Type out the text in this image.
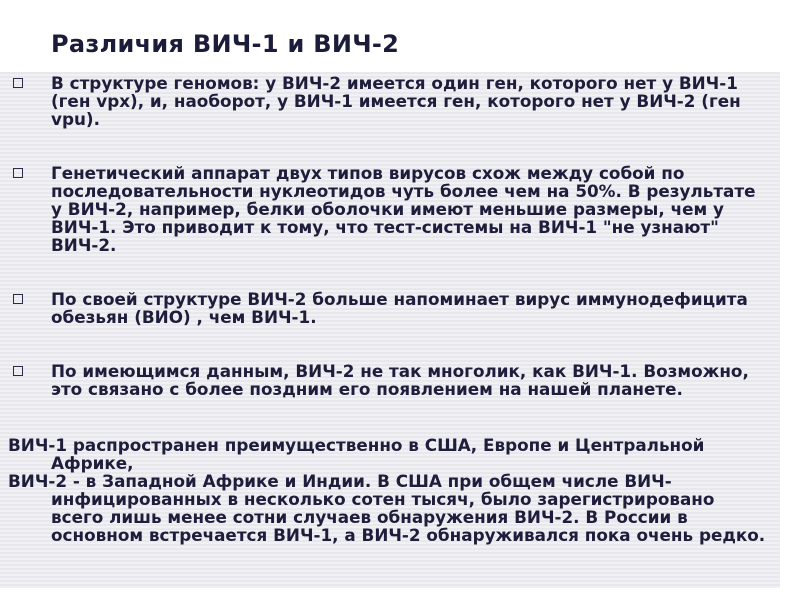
Различия ВИЧ-1 и ВИЧ-2
В структуре геномов: у ВИЧ-2 имеется один ген, которого нет у ВИЧ-1 (ген vpx), и, наоборот, у ВИЧ-1 имеется ген, которого нет у ВИЧ-2 (ген vpu).
Генетический аппарат двух типов вирусов схож между собой по последовательности нуклеотидов чуть более чем на 50%. В результате у ВИЧ-2, например, белки оболочки имеют меньшие размеры, чем у ВИЧ-1. Это приводит к тому, что тест-системы на ВИЧ-1 "не узнают" ВИЧ-2.
По своей структуре ВИЧ-2 больше напоминает вирус иммунодефицита обезьян (ВИО) , чем ВИЧ-1.
По имеющимся данным, ВИЧ-2 не так многолик, как ВИЧ-1. Возможно, это связано с более поздним его появлением на нашей планете.
ВИЧ-1 распространен преимущественно в США, Европе и Центральной Африке,
ВИЧ-2 - в Западной Африке и Индии. В США при общем числе ВИЧ-инфицированных в несколько сотен тысяч, было зарегистрировано всего лишь менее сотни случаев обнаружения ВИЧ-2. В России в основном встречается ВИЧ-1, а ВИЧ-2 обнаруживался пока очень редко.
